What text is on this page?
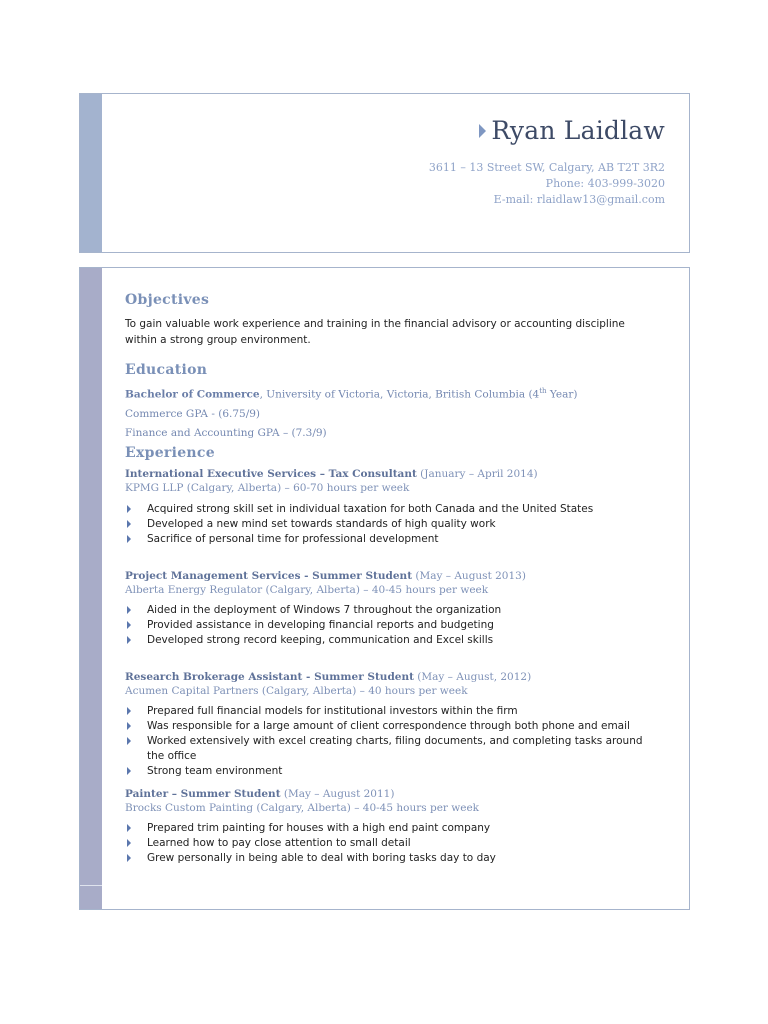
Ryan Laidlaw
3611 – 13 Street SW, Calgary, AB T2T 3R2
Phone: 403-999-3020
E-mail: rlaidlaw13@gmail.com
Objectives
To gain valuable work experience and training in the financial advisory or accounting discipline within a strong group environment.
Education
Bachelor of Commerce, University of Victoria, Victoria, British Columbia (4th Year)
Commerce GPA - (6.75/9)
Finance and Accounting GPA – (7.3/9)
Experience
International Executive Services – Tax Consultant (January – April 2014)
KPMG LLP (Calgary, Alberta) – 60-70 hours per week
Acquired strong skill set in individual taxation for both Canada and the United States
Developed a new mind set towards standards of high quality work
Sacrifice of personal time for professional development
Project Management Services - Summer Student (May – August 2013)
Alberta Energy Regulator (Calgary, Alberta) – 40-45 hours per week
Aided in the deployment of Windows 7 throughout the organization
Provided assistance in developing financial reports and budgeting
Developed strong record keeping, communication and Excel skills
Research Brokerage Assistant - Summer Student (May – August, 2012)
Acumen Capital Partners (Calgary, Alberta) – 40 hours per week
Prepared full financial models for institutional investors within the firm
Was responsible for a large amount of client correspondence through both phone and email
Worked extensively with excel creating charts, filing documents, and completing tasks around the office
Strong team environment
Painter – Summer Student (May – August 2011)
Brocks Custom Painting (Calgary, Alberta) – 40-45 hours per week
Prepared trim painting for houses with a high end paint company
Learned how to pay close attention to small detail
Grew personally in being able to deal with boring tasks day to day
